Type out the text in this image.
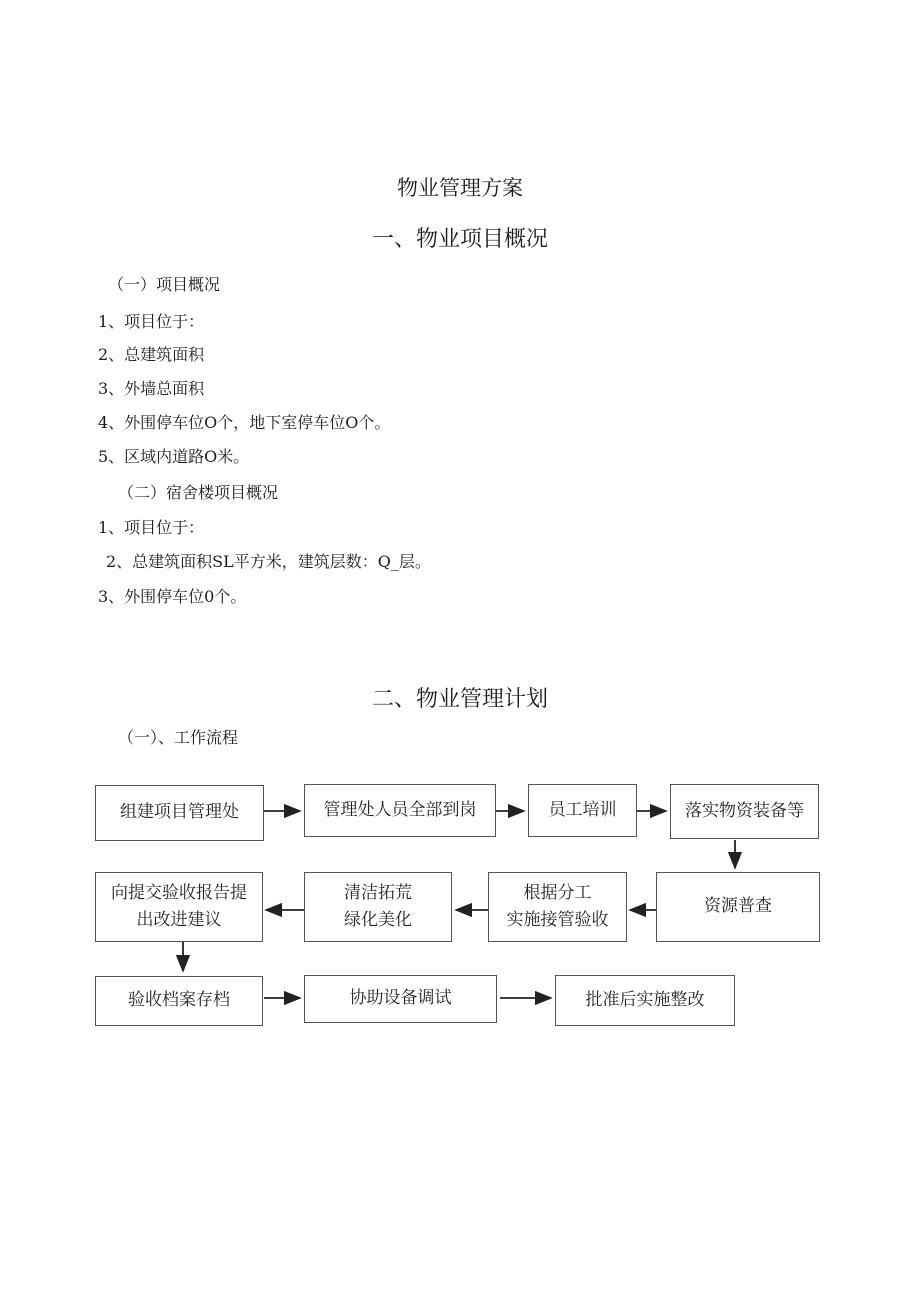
物业管理方案
一、物业项目概况
（一）项目概况
1、项目位于：
2、总建筑面积
3、外墙总面积
4、外围停车位O个，地下室停车位O个。
5、区域内道路O米。
（二）宿舍楼项目概况
1、项目位于：
2、总建筑面积SL平方米，建筑层数：Q_层。
3、外围停车位0个。
二、物业管理计划
（一）、工作流程
组建项目管理处	管理处人员全部到岗	员工培训	落实物资装备等
向提交验收报告提
出改进建议
清洁拓荒
绿化美化
根据分工
实施接管验收
资源普查
验收档案存档	协助设备调试	批准后实施整改
